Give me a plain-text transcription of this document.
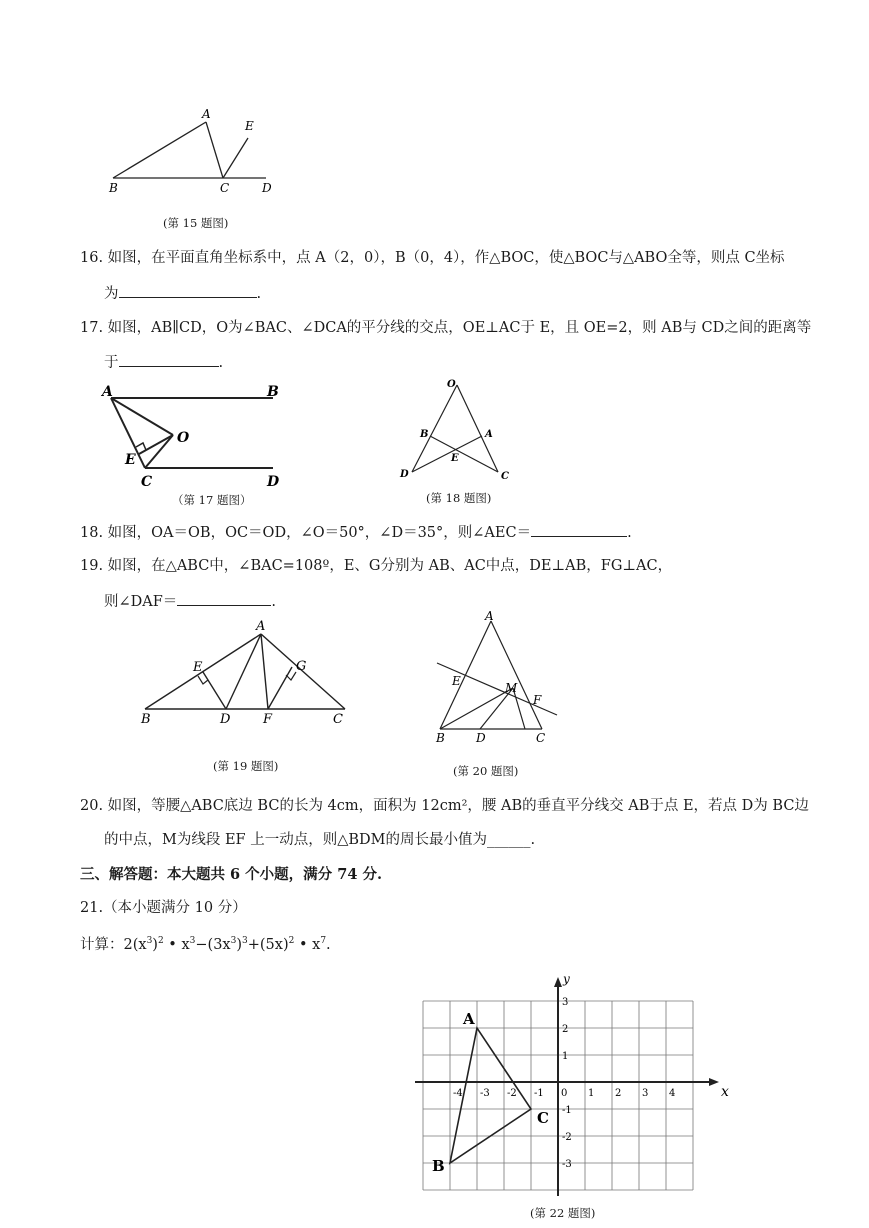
A
B	C	D
E
(第 15 题图)
16. 如图，在平面直角坐标系中，点 A（2，0），B（0，4），作△BOC，使△BOC与△ABO全等，则点 C坐标
为	.
17. 如图，AB∥CD，O为∠BAC、∠DCA的平分线的交点，OE⊥AC于 E，且 OE=2，则 AB与 CD之间的距离等
于	.
A	B
C	D
E
O
（第 17 题图）
O
B	A
E
D	C
(第 18 题图)
18. 如图，OA＝OB，OC＝OD，∠O＝50°，∠D＝35°，则∠AEC＝	.
19. 如图，在△ABC中，∠BAC=108º，E、G分别为 AB、AC中点，DE⊥AB，FG⊥AC，
则∠DAF＝	.
A
B	C
D
E
F
G
(第 19 题图)
A
B	C
D
E
F
M
(第 20 题图)
20. 如图，等腰△ABC底边 BC的长为 4cm，面积为 12cm²，腰 AB的垂直平分线交 AB于点 E，若点 D为 BC边
的中点，M为线段 EF 上一动点，则△BDM的周长最小值为______.
三、解答题：本大题共 6 个小题，满分 74 分.
21.（本小题满分 10 分）
计算：$2(x^3)^2$ • $x^3-(3x^3)^3+(5x)^2$ • $x^7$.
x
y
-4 -3 -2 -1 0 1 2 3 4
3
2
1
-1
-2
-3
A
B
C
(第 22 题图)
